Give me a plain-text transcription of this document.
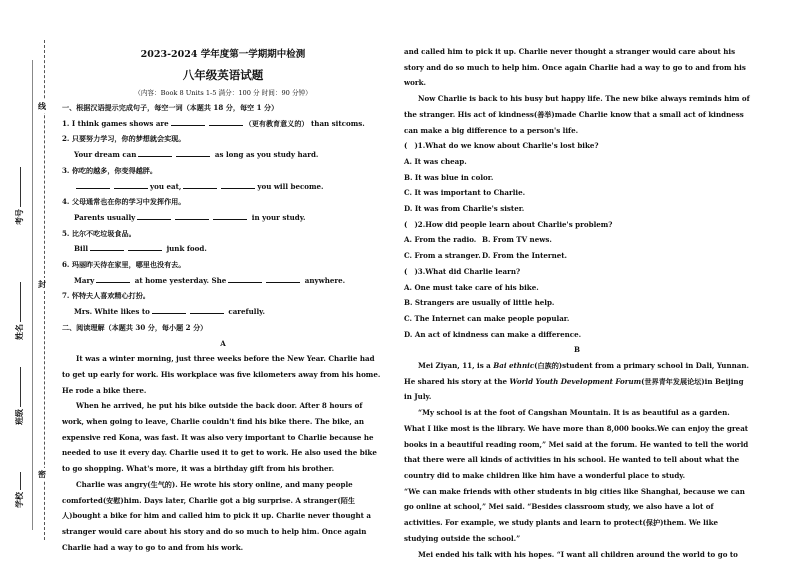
线
考号
封
姓名
班级
学校
密
2023-2024 学年度第一学期期中检测
八年级英语试题
（内容：Book 8 Units 1-5 满分：100 分 时间：90 分钟）

一、根据汉语提示完成句子，每空一词（本题共 18 分，每空 1 分）

1. I think games shows are	（更有教育意义的） than sitcoms.

2. 只要努力学习，你的梦想就会实现。

Your dream can	as long as you study hard.

3. 你吃的越多，你变得越胖。

you eat,	you will become.

4. 父母通常也在你的学习中发挥作用。

Parents usually	in your study.

5. 比尔不吃垃圾食品。

Bill	junk food.

6. 玛丽昨天待在家里，哪里也没有去。

Mary	at home yesterday. She	anywhere.

7. 怀特夫人喜欢精心打扮。

Mrs. White likes to	carefully.

二、阅读理解（本题共 30 分，每小题 2 分）

A

It was a winter morning, just three weeks before the New Year. Charlie had to get up early for work. His workplace was five kilometers away from his home. He rode a bike there.

When he arrived, he put his bike outside the back door. After 8 hours of work, when going to leave, Charlie couldn't find his bike there. The bike, an expensive red Kona, was fast. It was also very important to Charlie because he needed to use it every day. Charlie used it to get to work. He also used the bike to go shopping. What's more, it was a birthday gift from his brother.

Charlie was angry(生气的). He wrote his story online, and many people comforted(安慰)him. Days later, Charlie got a big surprise. A stranger(陌生人)bought a bike for him and called him to pick it up. Charlie never thought a stranger would care about his story and do so much to help him. Once again Charlie had a way to go to and from his work.

and called him to pick it up. Charlie never thought a stranger would care about his story and do so much to help him. Once again Charlie had a way to go to and from his work.

Now Charlie is back to his busy but happy life. The new bike always reminds him of the stranger. His act of kindness(善举)made Charlie know that a small act of kindness can make a big difference to a person's life.

(　)1.What do we know about Charlie's lost bike?

A. It was cheap.

B. It was blue in color.

C. It was important to Charlie.

D. It was from Charlie's sister.

(　)2.How did people learn about Charlie's problem?

A. From the radio. B. From TV news.

C. From a stranger.D. From the Internet.

(　)3.What did Charlie learn?

A. One must take care of his bike.

B. Strangers are usually of little help.

C. The Internet can make people popular.

D. An act of kindness can make a difference.

B

Mei Ziyan, 11, is a Bai ethnic(白族的)student from a primary school in Dali, Yunnan. He shared his story at the World Youth Development Forum(世界青年发展论坛)in Beijing in July.

“My school is at the foot of Cangshan Mountain. It is as beautiful as a garden. What I like most is the library. We have more than 8,000 books.We can enjoy the great books in a beautiful reading room,” Mei said at the forum. He wanted to tell the world that there were all kinds of activities in his school. He wanted to tell about what the country did to make children like him have a wonderful place to study.

“We can make friends with other students in big cities like Shanghai, because we can go online at school,” Mei said. “Besides classroom study, we also have a lot of activities. For example, we study plants and learn to protect(保护)them. We like studying outside the school.”

Mei ended his talk with his hopes. “I want all children around the world to go to
